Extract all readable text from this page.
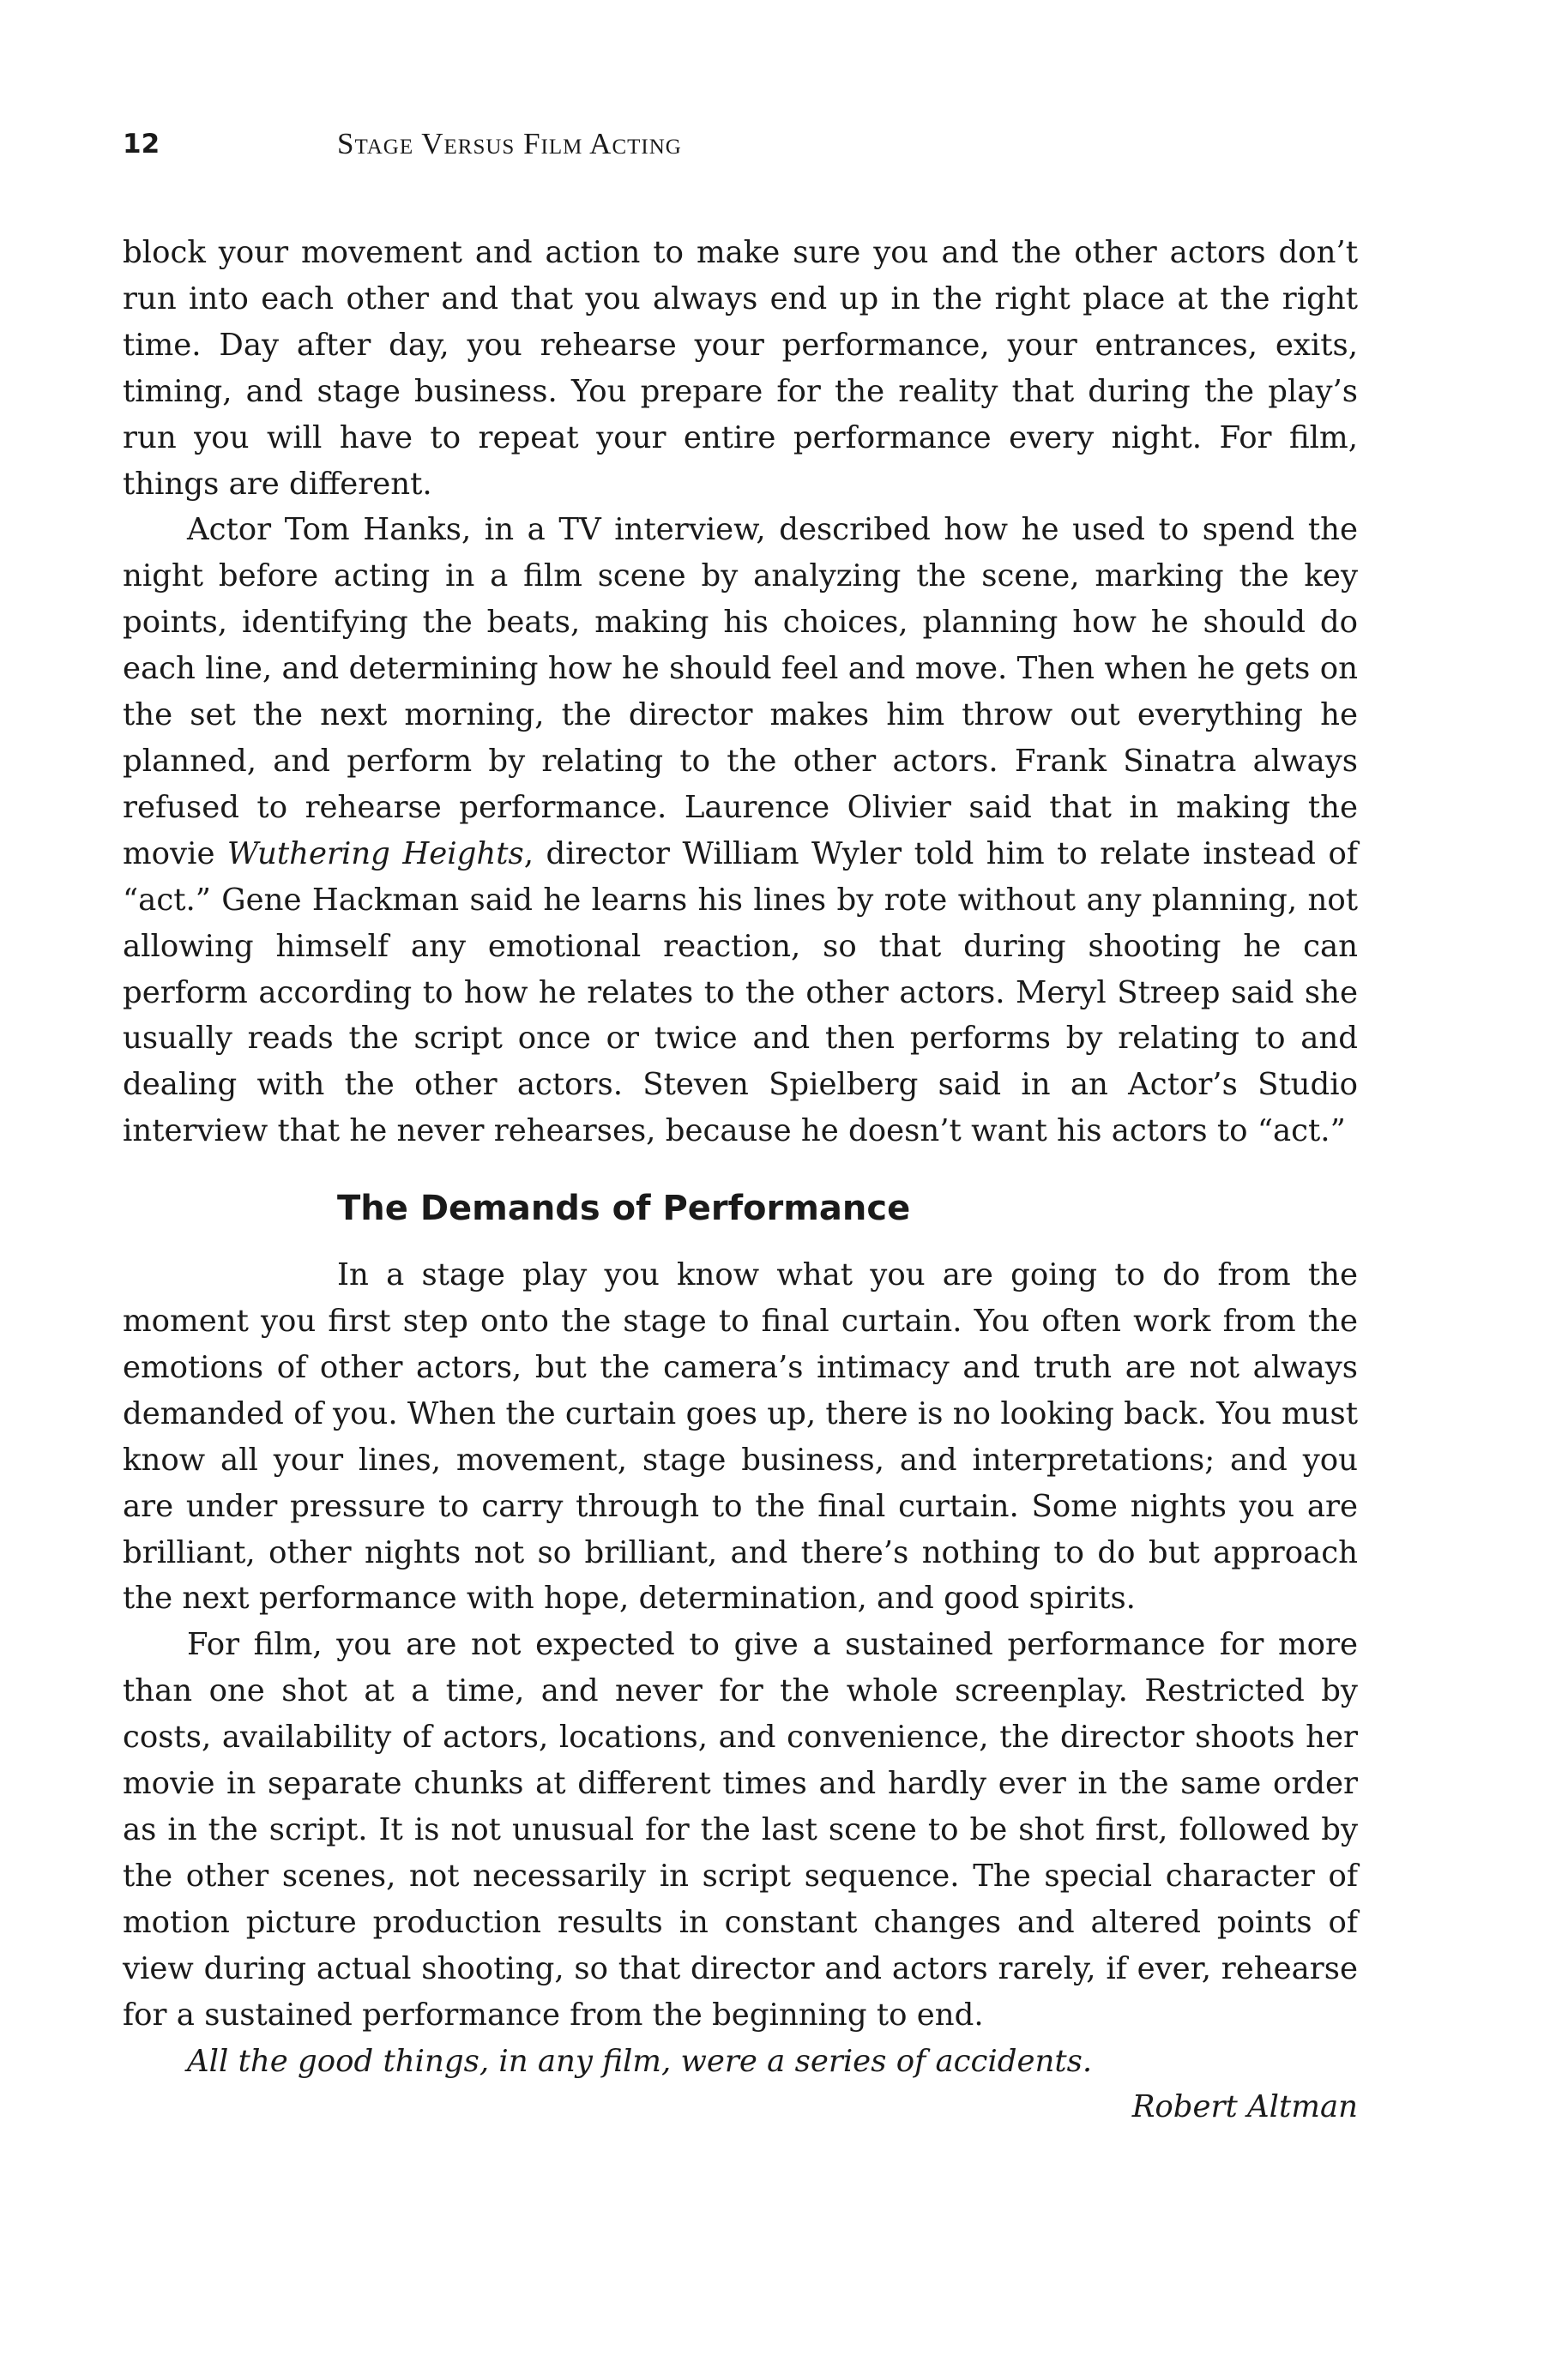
12	Stage Versus Film Acting

block your movement and action to make sure you and the other actors don’t run into each other and that you always end up in the right place at the right time. Day after day, you rehearse your performance, your entrances, exits, timing, and stage business. You prepare for the reality that during the play’s run you will have to repeat your entire performance every night. For film, things are different.

Actor Tom Hanks, in a TV interview, described how he used to spend the night before acting in a film scene by analyzing the scene, marking the key points, identifying the beats, making his choices, planning how he should do each line, and determining how he should feel and move. Then when he gets on the set the next morning, the director makes him throw out everything he planned, and perform by relating to the other actors. Frank Sinatra always refused to rehearse performance. Laurence Olivier said that in making the movie Wuthering Heights, director William Wyler told him to relate instead of “act.” Gene Hackman said he learns his lines by rote without any planning, not allowing himself any emotional reaction, so that during shooting he can perform according to how he relates to the other actors. Meryl Streep said she usually reads the script once or twice and then performs by relating to and dealing with the other actors. Steven Spielberg said in an Actor’s Studio interview that he never rehearses, because he doesn’t want his actors to “act.”

The Demands of Performance

In a stage play you know what you are going to do from the moment you first step onto the stage to final curtain. You often work from the emotions of other actors, but the camera’s intimacy and truth are not always demanded of you. When the curtain goes up, there is no looking back. You must know all your lines, movement, stage business, and interpretations; and you are under pressure to carry through to the final curtain. Some nights you are brilliant, other nights not so brilliant, and there’s nothing to do but approach the next performance with hope, determination, and good spirits.

For film, you are not expected to give a sustained performance for more than one shot at a time, and never for the whole screenplay. Restricted by costs, availability of actors, locations, and convenience, the director shoots her movie in separate chunks at different times and hardly ever in the same order as in the script. It is not unusual for the last scene to be shot first, followed by the other scenes, not necessarily in script sequence. The special character of motion picture production results in constant changes and altered points of view during actual shooting, so that director and actors rarely, if ever, rehearse for a sustained performance from the beginning to end.

All the good things, in any film, were a series of accidents.

Robert Altman
